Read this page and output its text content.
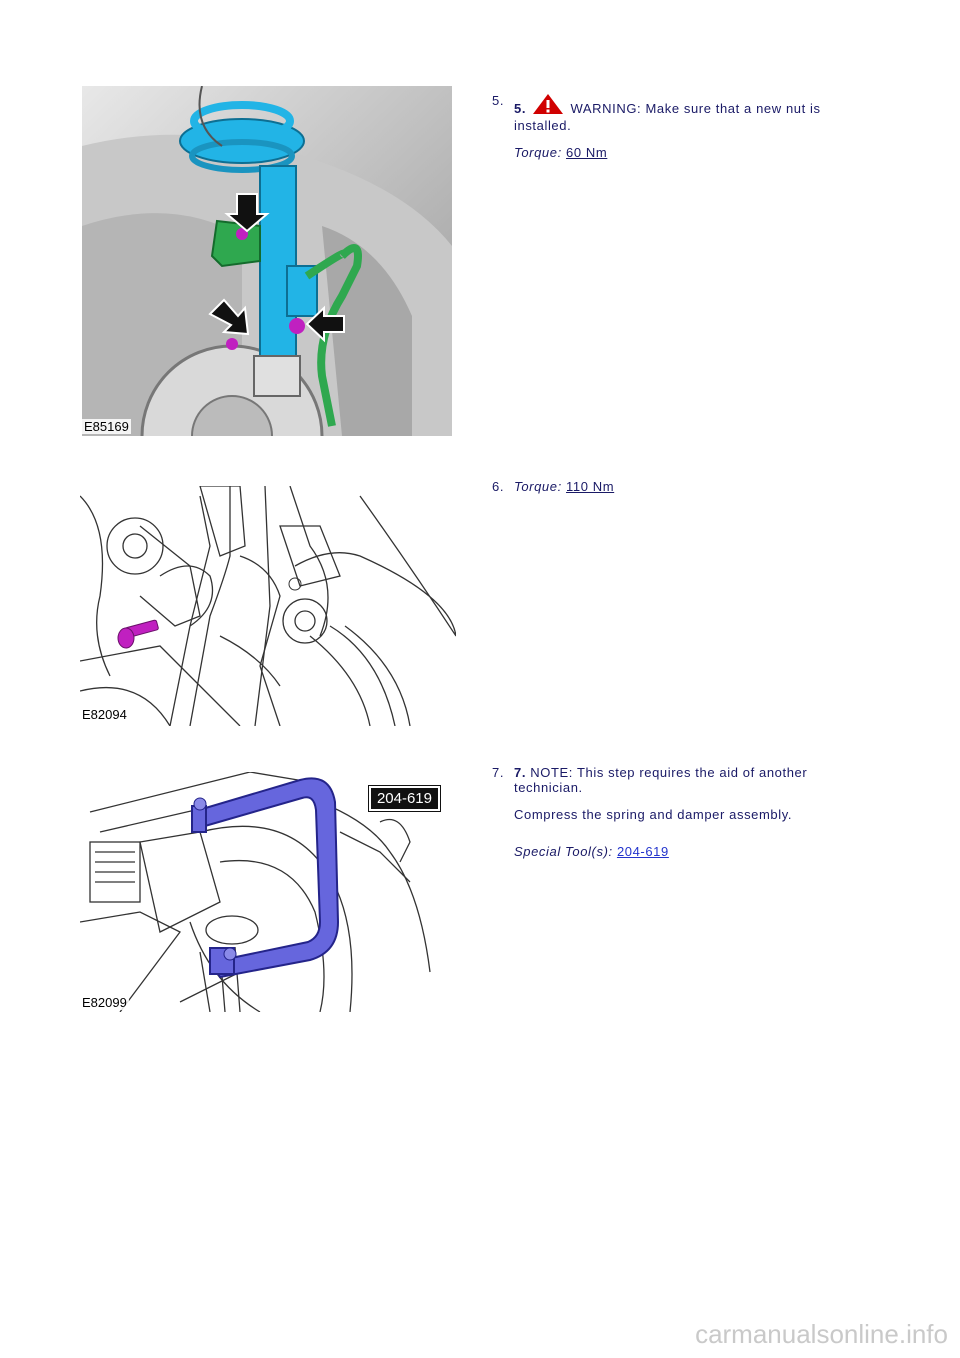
E85169
5.
5.	WARNING: Make sure that a new nut is installed.
Torque: 60 Nm
E82094
6. Torque: 110 Nm
204-619
E82099
7. 7. NOTE: This step requires the aid of another technician.
Compress the spring and damper assembly.
Special Tool(s): 204-619
carmanualsonline.info
